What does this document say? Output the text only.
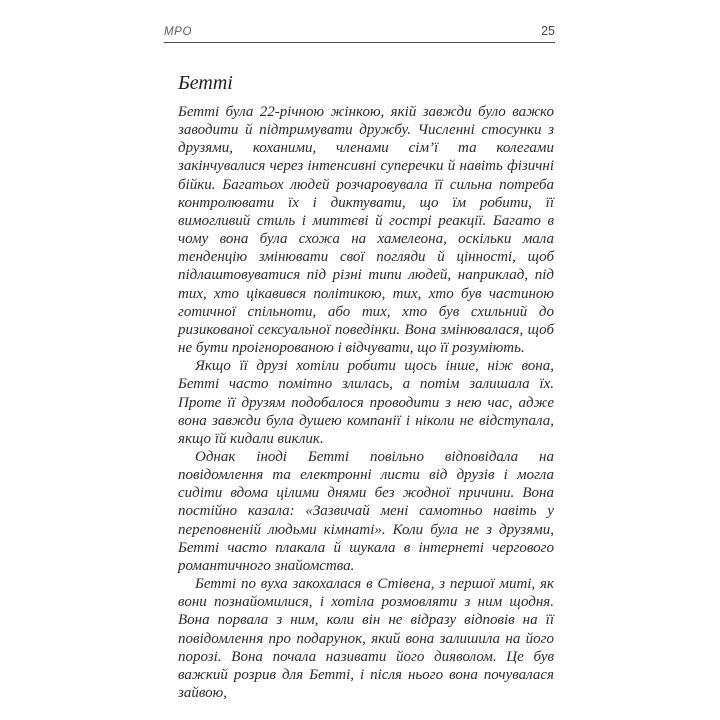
МРО	25
Бетті

Бетті була 22-річною жінкою, якій завжди було важко заводити й підтримувати дружбу. Численні стосунки з друзями, коханими, членами сім’ї та колегами закінчувалися через інтенсивні суперечки й навіть фізичні бійки. Багатьох людей розчаровувала її сильна потреба контролювати їх і диктувати, що їм робити, її вимогливий стиль і миттєві й гострі реакції. Багато в чому вона була схожа на хамелеона, оскільки мала тенденцію змінювати свої погляди й цінності, щоб підлаштовуватися під різні типи людей, наприклад, під тих, хто цікавився політикою, тих, хто був частиною готичної спільноти, або тих, хто був схильний до ризикованої сексуальної поведінки. Вона змінювалася, щоб не бути проігнорованою і відчувати, що її розуміють.

Якщо її друзі хотіли робити щось інше, ніж вона, Бетті часто помітно злилась, а потім залишала їх. Проте її друзям подобалося проводити з нею час, адже вона завжди була душею компанії і ніколи не відступала, якщо їй кидали виклик.

Однак іноді Бетті повільно відповідала на повідомлення та електронні листи від друзів і могла сидіти вдома цілими днями без жодної причини. Вона постійно казала: «Зазвичай мені самотньо навіть у переповненій людьми кімнаті». Коли була не з друзями, Бетті часто плакала й шукала в інтернеті чергового романтичного знайомства.

Бетті по вуха закохалася в Стівена, з першої миті, як вони познайомилися, і хотіла розмовляти з ним щодня. Вона порвала з ним, коли він не відразу відповів на її повідомлення про подарунок, який вона залишила на його порозі. Вона почала називати його дияволом. Це був важкий розрив для Бетті, і після нього вона почувалася зайвою,
